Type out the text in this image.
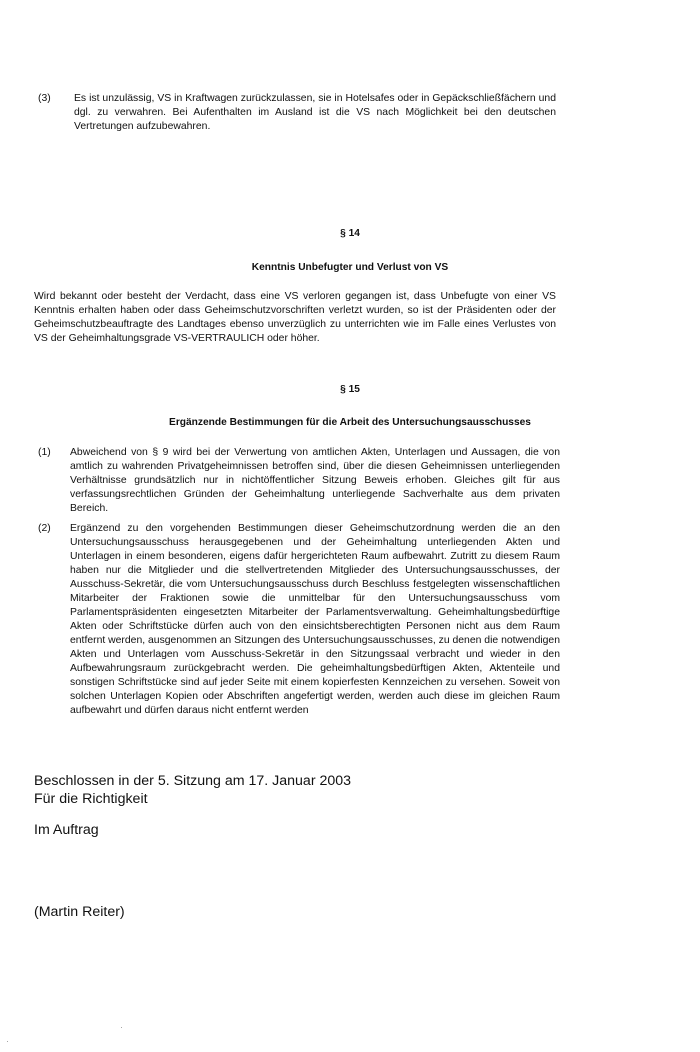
(3)	Es ist unzulässig, VS in Kraftwagen zurückzulassen, sie in Hotelsafes oder in Gepäckschließfächern und dgl. zu verwahren. Bei Aufenthalten im Ausland ist die VS nach Möglichkeit bei den deutschen Vertretungen aufzubewahren.
§ 14
Kenntnis Unbefugter und Verlust von VS
Wird bekannt oder besteht der Verdacht, dass eine VS verloren gegangen ist, dass Unbefugte von einer VS Kenntnis erhalten haben oder dass Geheimschutzvorschriften verletzt wurden, so ist der Präsidenten oder der Geheimschutzbeauftragte des Landtages ebenso unverzüglich zu unterrichten wie im Falle eines Verlustes von VS der Geheimhaltungsgrade VS-VERTRAULICH oder höher.
§ 15
Ergänzende Bestimmungen für die Arbeit des Untersuchungsausschusses
(1)	Abweichend von § 9 wird bei der Verwertung von amtlichen Akten, Unterlagen und Aussagen, die von amtlich zu wahrenden Privatgeheimnissen betroffen sind, über die diesen Geheimnissen unterliegenden Verhältnisse grundsätzlich nur in nichtöffentlicher Sitzung Beweis erhoben. Gleiches gilt für aus verfassungsrechtlichen Gründen der Geheimhaltung unterliegende Sachverhalte aus dem privaten Bereich.
(2)	Ergänzend zu den vorgehenden Bestimmungen dieser Geheimschutzordnung werden die an den Untersuchungsausschuss herausgegebenen und der Geheimhaltung unterliegenden Akten und Unterlagen in einem besonderen, eigens dafür hergerichteten Raum aufbewahrt. Zutritt zu diesem Raum haben nur die Mitglieder und die stellvertretenden Mitglieder des Untersuchungsausschusses, der Ausschuss-Sekretär, die vom Untersuchungsausschuss durch Beschluss festgelegten wissenschaftlichen Mitarbeiter der Fraktionen sowie die unmittelbar für den Untersuchungsausschuss vom Parlamentspräsidenten eingesetzten Mitarbeiter der Parlamentsverwaltung. Geheimhaltungsbedürftige Akten oder Schriftstücke dürfen auch von den einsichtsberechtigten Personen nicht aus dem Raum entfernt werden, ausgenommen an Sitzungen des Untersuchungsausschusses, zu denen die notwendigen Akten und Unterlagen vom Ausschuss-Sekretär in den Sitzungssaal verbracht und wieder in den Aufbewahrungsraum zurückgebracht werden. Die geheimhaltungsbedürftigen Akten, Aktenteile und sonstigen Schriftstücke sind auf jeder Seite mit einem kopierfesten Kennzeichen zu versehen. Soweit von solchen Unterlagen Kopien oder Abschriften angefertigt werden, werden auch diese im gleichen Raum aufbewahrt und dürfen daraus nicht entfernt werden
Beschlossen in der 5. Sitzung am 17. Januar 2003
Für die Richtigkeit
Im Auftrag
(Martin Reiter)
·
·
